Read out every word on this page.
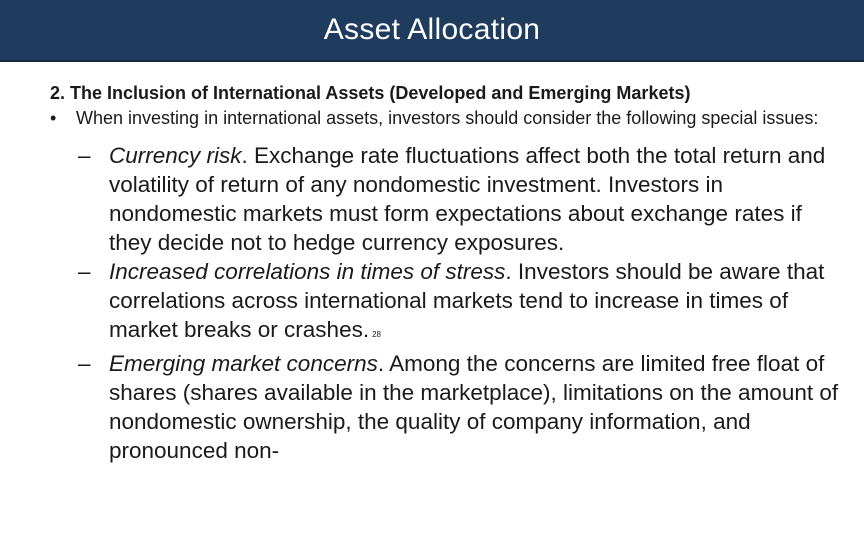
Asset Allocation

2. The Inclusion of International Assets (Developed and Emerging Markets)

•	When investing in international assets, investors should consider the following special issues:
– Currency risk. Exchange rate fluctuations affect both the total return and volatility of return of any nondomestic investment. Investors in nondomestic markets must form expectations about exchange rates if they decide not to hedge currency exposures.
– Increased correlations in times of stress. Investors should be aware that correlations across international markets tend to increase in times of market breaks or crashes. 28
– Emerging market concerns. Among the concerns are limited free float of shares (shares available in the marketplace), limitations on the amount of nondomestic ownership, the quality of company information, and pronounced non-
